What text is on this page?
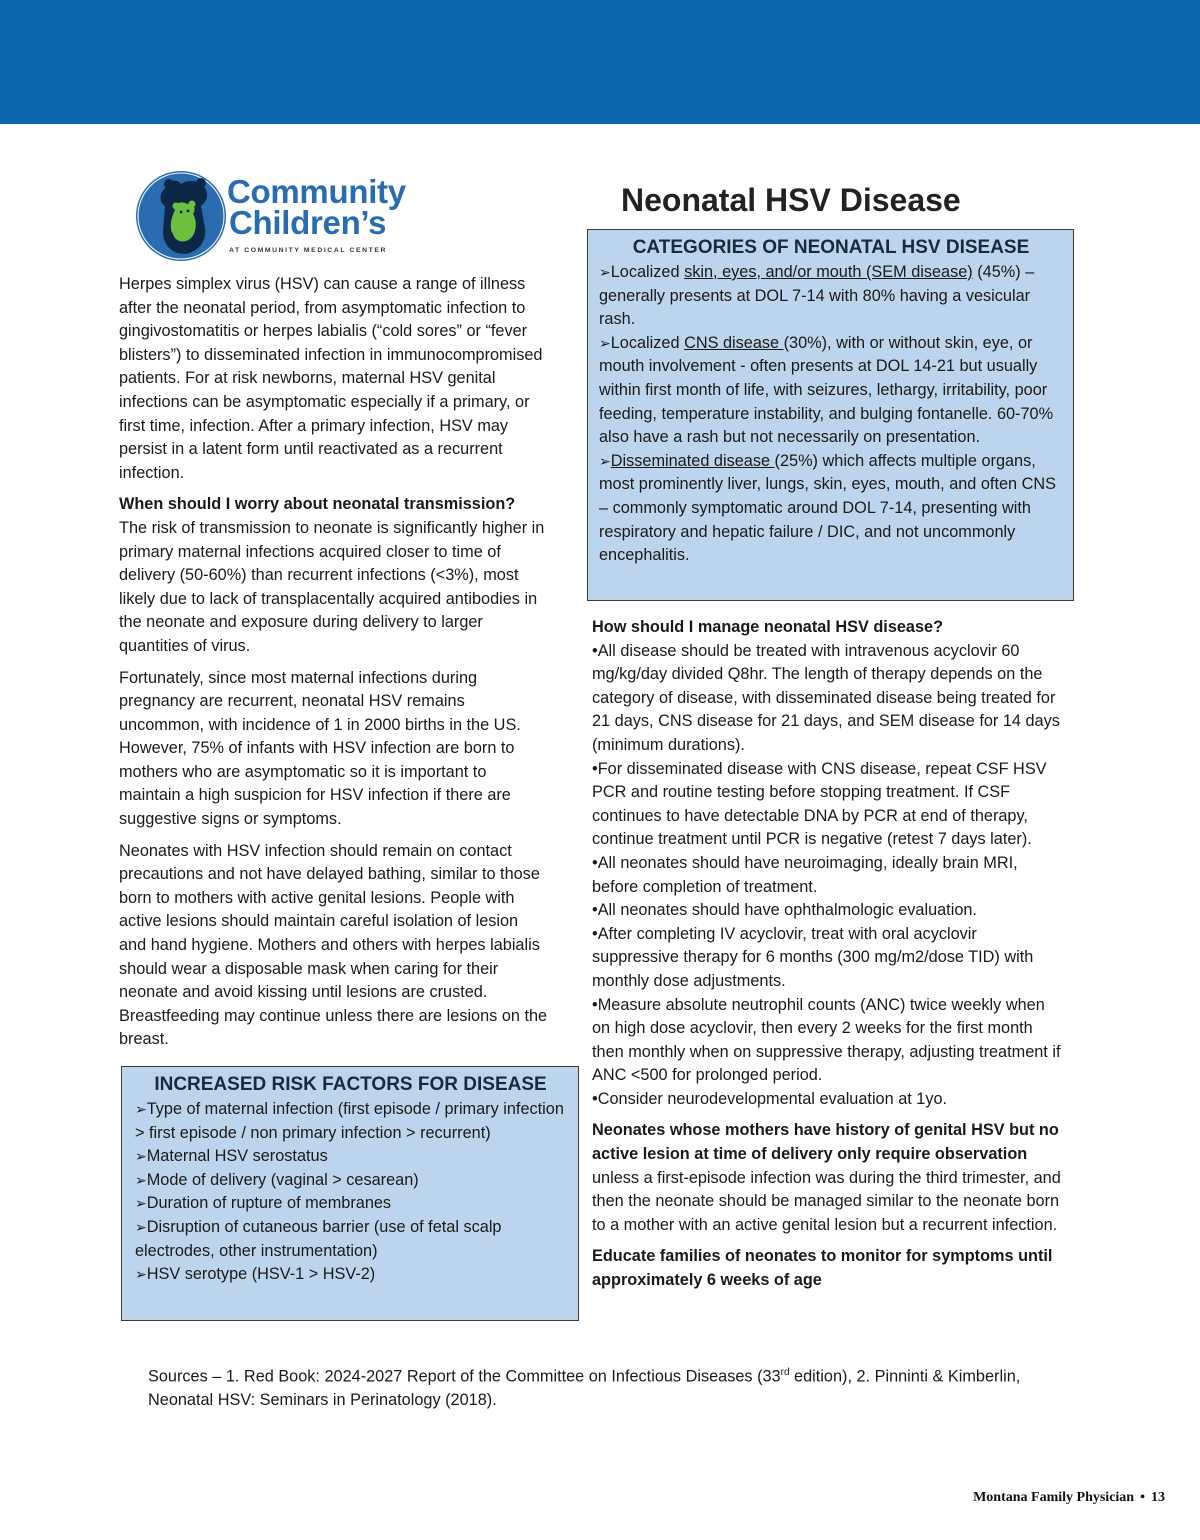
Community
Children’s
AT COMMUNITY MEDICAL CENTER
Neonatal HSV Disease

Herpes simplex virus (HSV) can cause a range of illness after the neonatal period, from asymptomatic infection to gingivostomatitis or herpes labialis (“cold sores” or “fever blisters”) to disseminated infection in immunocompromised patients. For at risk newborns, maternal HSV genital infections can be asymptomatic especially if a primary, or first time, infection. After a primary infection, HSV may persist in a latent form until reactivated as a recurrent infection.

When should I worry about neonatal transmission?
The risk of transmission to neonate is significantly higher in primary maternal infections acquired closer to time of delivery (50-60%) than recurrent infections (<3%), most likely due to lack of transplacentally acquired antibodies in the neonate and exposure during delivery to larger quantities of virus.

Fortunately, since most maternal infections during pregnancy are recurrent, neonatal HSV remains uncommon, with incidence of 1 in 2000 births in the US. However, 75% of infants with HSV infection are born to mothers who are asymptomatic so it is important to maintain a high suspicion for HSV infection if there are suggestive signs or symptoms.

Neonates with HSV infection should remain on contact precautions and not have delayed bathing, similar to those born to mothers with active genital lesions. People with active lesions should maintain careful isolation of lesion and hand hygiene. Mothers and others with herpes labialis should wear a disposable mask when caring for their neonate and avoid kissing until lesions are crusted. Breastfeeding may continue unless there are lesions on the breast.

CATEGORIES OF NEONATAL HSV DISEASE

➢Localized skin, eyes, and/or mouth (SEM disease) (45%) – generally presents at DOL 7-14 with 80% having a vesicular rash.

➢Localized CNS disease (30%), with or without skin, eye, or mouth involvement - often presents at DOL 14-21 but usually within first month of life, with seizures, lethargy, irritability, poor feeding, temperature instability, and bulging fontanelle. 60-70% also have a rash but not necessarily on presentation.

➢Disseminated disease (25%) which affects multiple organs, most prominently liver, lungs, skin, eyes, mouth, and often CNS – commonly symptomatic around DOL 7-14, presenting with respiratory and hepatic failure / DIC, and not uncommonly encephalitis.

How should I manage neonatal HSV disease?
•All disease should be treated with intravenous acyclovir 60 mg/kg/day divided Q8hr. The length of therapy depends on the category of disease, with disseminated disease being treated for 21 days, CNS disease for 21 days, and SEM disease for 14 days (minimum durations).
•For disseminated disease with CNS disease, repeat CSF HSV PCR and routine testing before stopping treatment. If CSF continues to have detectable DNA by PCR at end of therapy, continue treatment until PCR is negative (retest 7 days later).
•All neonates should have neuroimaging, ideally brain MRI, before completion of treatment.
•All neonates should have ophthalmologic evaluation.
•After completing IV acyclovir, treat with oral acyclovir suppressive therapy for 6 months (300 mg/m2/dose TID) with monthly dose adjustments.
•Measure absolute neutrophil counts (ANC) twice weekly when on high dose acyclovir, then every 2 weeks for the first month then monthly when on suppressive therapy, adjusting treatment if ANC <500 for prolonged period.
•Consider neurodevelopmental evaluation at 1yo.

Neonates whose mothers have history of genital HSV but no active lesion at time of delivery only require observation unless a first-episode infection was during the third trimester, and then the neonate should be managed similar to the neonate born to a mother with an active genital lesion but a recurrent infection.

Educate families of neonates to monitor for symptoms until approximately 6 weeks of age

INCREASED RISK FACTORS FOR DISEASE

➢Type of maternal infection (first episode / primary infection > first episode / non primary infection > recurrent)

➢Maternal HSV serostatus

➢Mode of delivery (vaginal > cesarean)

➢Duration of rupture of membranes

➢Disruption of cutaneous barrier (use of fetal scalp electrodes, other instrumentation)

➢HSV serotype (HSV-1 > HSV-2)

Sources – 1. Red Book: 2024-2027 Report of the Committee on Infectious Diseases (33rd edition), 2. Pinninti & Kimberlin, Neonatal HSV: Seminars in Perinatology (2018).

Montana Family Physician • 13
